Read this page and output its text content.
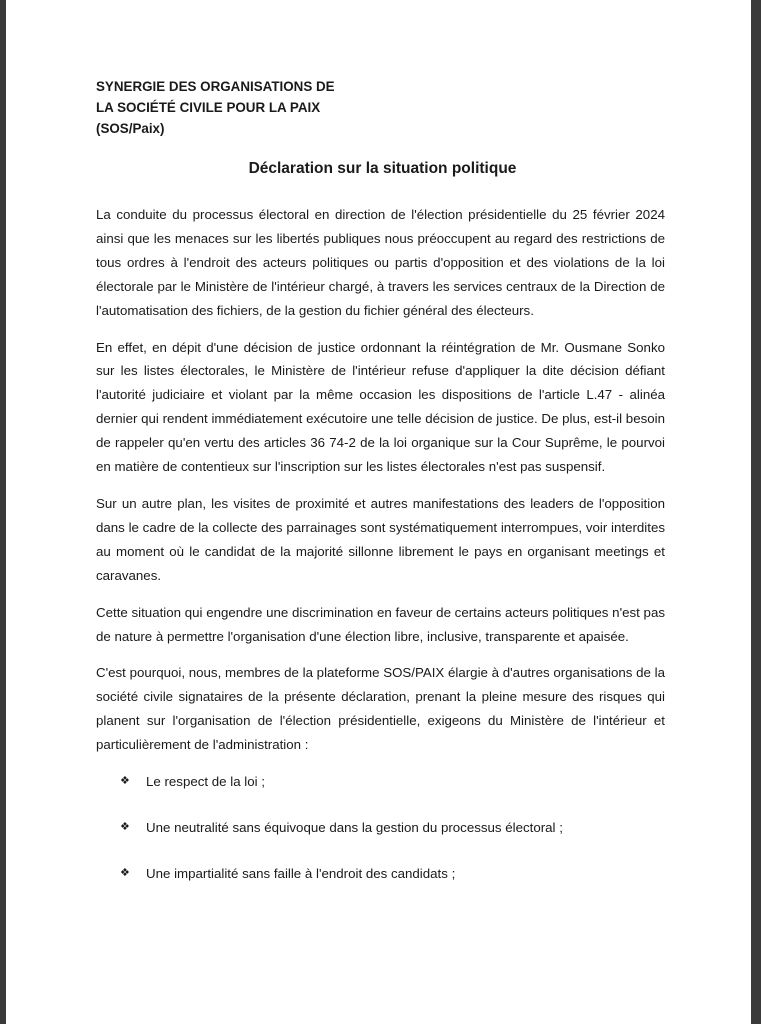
SYNERGIE DES ORGANISATIONS DE
LA SOCIÉTÉ CIVILE POUR LA PAIX
(SOS/Paix)
Déclaration sur la situation politique

La conduite du processus électoral en direction de l'élection présidentielle du 25 février 2024 ainsi que les menaces sur les libertés publiques nous préoccupent au regard des restrictions de tous ordres à l'endroit des acteurs politiques ou partis d'opposition et des violations de la loi électorale par le Ministère de l'intérieur chargé, à travers les services centraux de la Direction de l'automatisation des fichiers, de la gestion du fichier général des électeurs.

En effet, en dépit d'une décision de justice ordonnant la réintégration de Mr. Ousmane Sonko sur les listes électorales, le Ministère de l'intérieur refuse d'appliquer la dite décision défiant l'autorité judiciaire et violant par la même occasion les dispositions de l'article L.47 - alinéa dernier qui rendent immédiatement exécutoire une telle décision de justice. De plus, est-il besoin de rappeler qu'en vertu des articles 36 74-2 de la loi organique sur la Cour Suprême, le pourvoi en matière de contentieux sur l'inscription sur les listes électorales n'est pas suspensif.

Sur un autre plan, les visites de proximité et autres manifestations des leaders de l'opposition dans le cadre de la collecte des parrainages sont systématiquement interrompues, voir interdites au moment où le candidat de la majorité sillonne librement le pays en organisant meetings et caravanes.

Cette situation qui engendre une discrimination en faveur de certains acteurs politiques n'est pas de nature à permettre l'organisation d'une élection libre, inclusive, transparente et apaisée.

C'est pourquoi, nous, membres de la plateforme SOS/PAIX élargie à d'autres organisations de la société civile signataires de la présente déclaration, prenant la pleine mesure des risques qui planent sur l'organisation de l'élection présidentielle, exigeons du Ministère de l'intérieur et particulièrement de l'administration :

❖	Le respect de la loi ;
❖	Une neutralité sans équivoque dans la gestion du processus électoral ;
❖	Une impartialité sans faille à l'endroit des candidats ;
